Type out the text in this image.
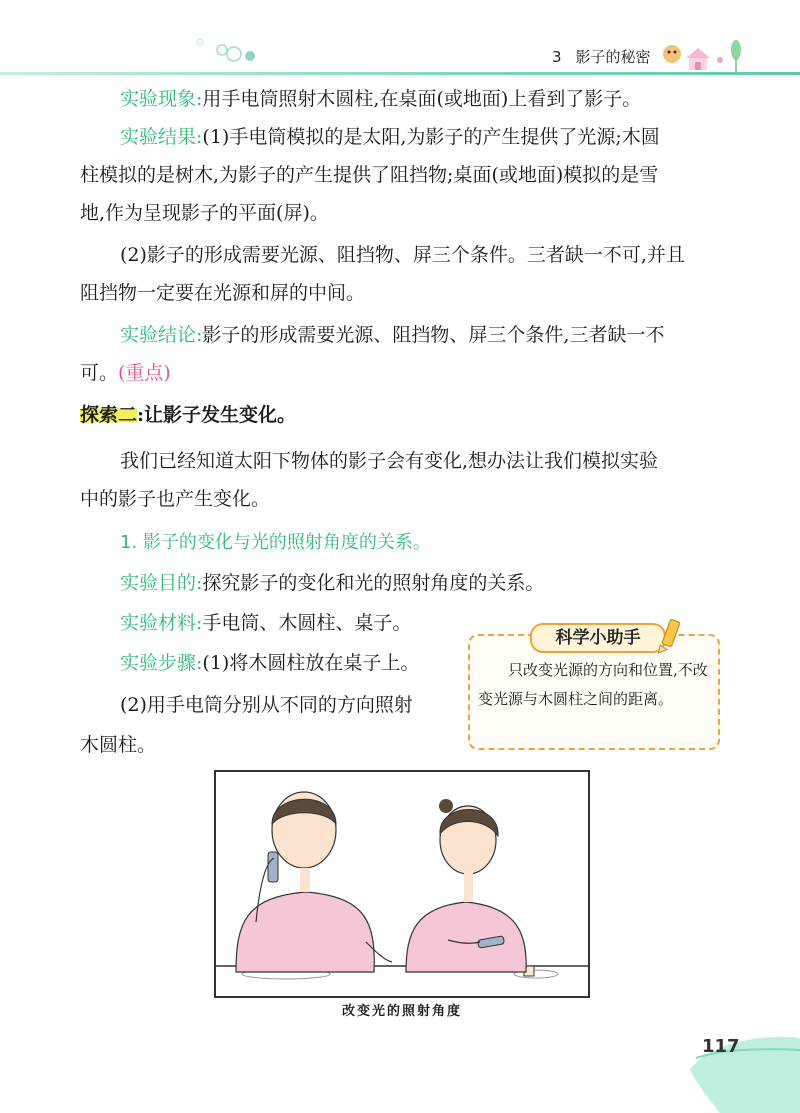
3 影子的秘密

实验现象:用手电筒照射木圆柱,在桌面(或地面)上看到了影子。

实验结果:(1)手电筒模拟的是太阳,为影子的产生提供了光源;木圆

柱模拟的是树木,为影子的产生提供了阻挡物;桌面(或地面)模拟的是雪

地,作为呈现影子的平面(屏)。

(2)影子的形成需要光源、阻挡物、屏三个条件。三者缺一不可,并且

阻挡物一定要在光源和屏的中间。

实验结论:影子的形成需要光源、阻挡物、屏三个条件,三者缺一不

可。(重点)

探索二:让影子发生变化。

我们已经知道太阳下物体的影子会有变化,想办法让我们模拟实验

中的影子也产生变化。

1. 影子的变化与光的照射角度的关系。

实验目的:探究影子的变化和光的照射角度的关系。

实验材料:手电筒、木圆柱、桌子。

实验步骤:(1)将木圆柱放在桌子上。

(2)用手电筒分别从不同的方向照射

木圆柱。

科学小助手

只改变光源的方向和位置,不改变光源与木圆柱之间的距离。

改变光的照射角度
117
